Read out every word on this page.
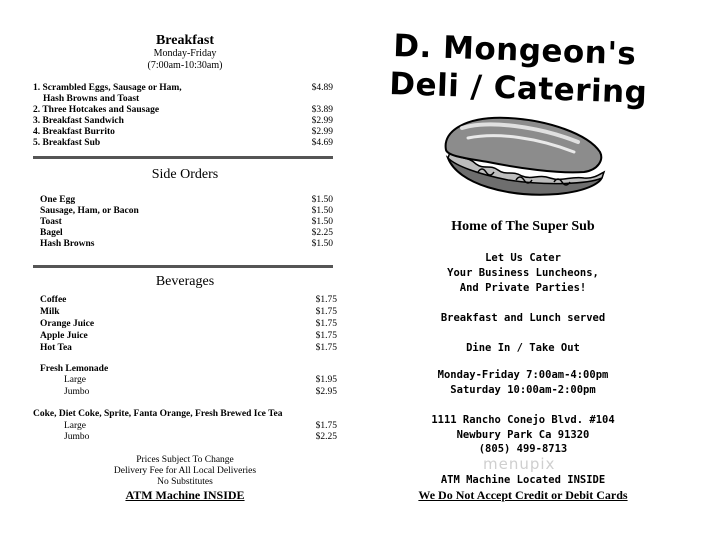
Breakfast
Monday-Friday
(7:00am-10:30am)
1. Scrambled Eggs, Sausage or Ham,	$4.89
Hash Browns and Toast
2. Three Hotcakes and Sausage	$3.89
3. Breakfast Sandwich	$2.99
4. Breakfast Burrito	$2.99
5. Breakfast Sub	$4.69
Side Orders
One Egg	$1.50
Sausage, Ham, or Bacon	$1.50
Toast	$1.50
Bagel	$2.25
Hash Browns	$1.50
Beverages
Coffee	$1.75
Milk	$1.75
Orange Juice	$1.75
Apple Juice	$1.75
Hot Tea	$1.75
Fresh Lemonade
Large	$1.95
Jumbo	$2.95
Coke, Diet Coke, Sprite, Fanta Orange, Fresh Brewed Ice Tea
Large	$1.75
Jumbo	$2.25
Prices Subject To Change
Delivery Fee for All Local Deliveries
No Substitutes
ATM Machine INSIDE
D. Mongeon's
Deli / Catering
Home of The Super Sub
Let Us Cater
Your Business Luncheons,
And Private Parties!
Breakfast and Lunch served
Dine In / Take Out
Monday-Friday 7:00am-4:00pm
Saturday 10:00am-2:00pm
1111 Rancho Conejo Blvd. #104
Newbury Park Ca 91320
(805) 499-8713
menupix
ATM Machine Located INSIDE
We Do Not Accept Credit or Debit Cards
